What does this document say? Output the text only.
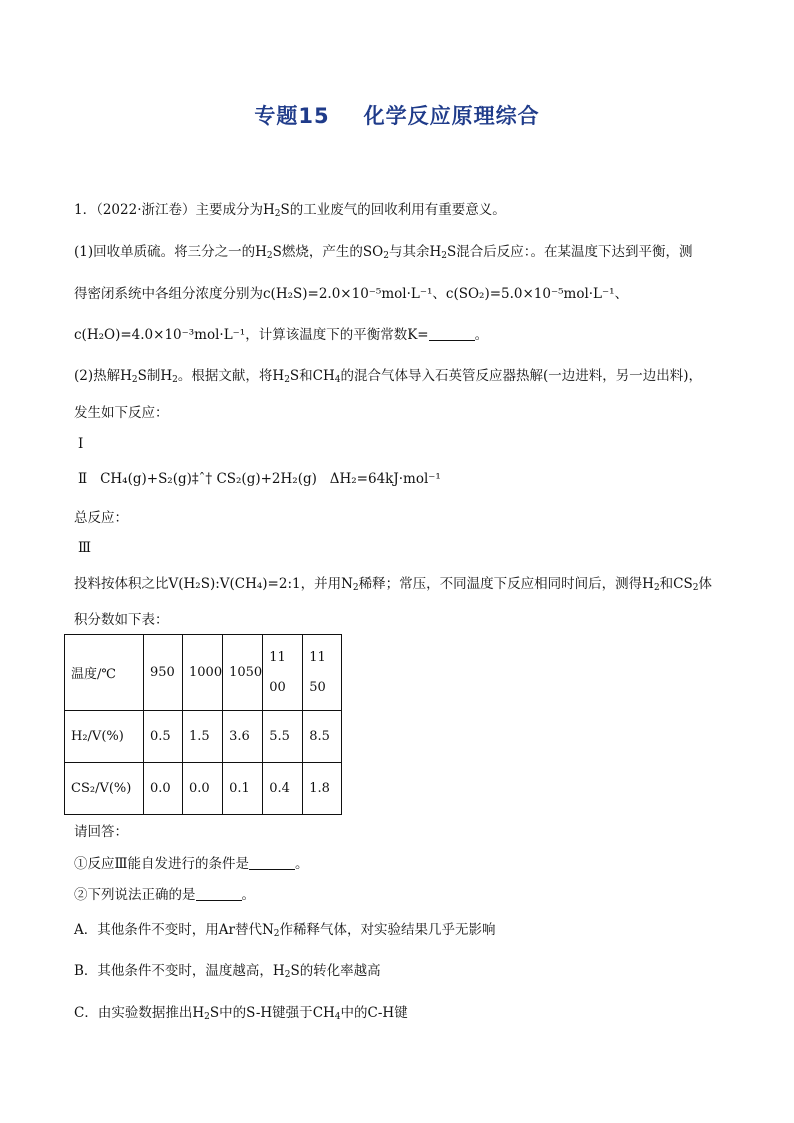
专题15 化学反应原理综合
1．（2022·浙江卷）主要成分为$H_2S$的工业废气的回收利用有重要意义。
(1)回收单质硫。将三分之一的$H_2S$燃烧，产生的$SO_2$与其余$H_2S$混合后反应：。在某温度下达到平衡，测
得密闭系统中各组分浓度分别为c(H₂S)=2.0×10⁻⁵mol·L⁻¹、c(SO₂)=5.0×10⁻⁵mol·L⁻¹、
c(H₂O)=4.0×10⁻³mol·L⁻¹，计算该温度下的平衡常数K=	。
(2)热解$H_2S$制$H_2$。根据文献，将$H_2S$和$CH_4$的混合气体导入石英管反应器热解(一边进料，另一边出料)，
发生如下反应：
Ⅰ
Ⅱ CH₄(g)+S₂(g)‡ˆ† CS₂(g)+2H₂(g) ΔH₂=64kJ·mol⁻¹
总反应：
Ⅲ
投料按体积之比V(H₂S):V(CH₄)=2:1，并用$N_2$稀释；常压，不同温度下反应相同时间后，测得$H_2$和$CS_2$体
积分数如下表：
温度/℃	950	1000	1050	1100	1150

H₂/V(%)	0.5	1.5	3.6	5.5	8.5
CS₂/V(%)	0.0	0.0	0.1	0.4	1.8
请回答：
①反应Ⅲ能自发进行的条件是	。
②下列说法正确的是	。
A．其他条件不变时，用Ar替代$N_2$作稀释气体，对实验结果几乎无影响
B．其他条件不变时，温度越高，$H_2S$的转化率越高
C．由实验数据推出$H_2S$中的S-H键强于$CH_4$中的C-H键
